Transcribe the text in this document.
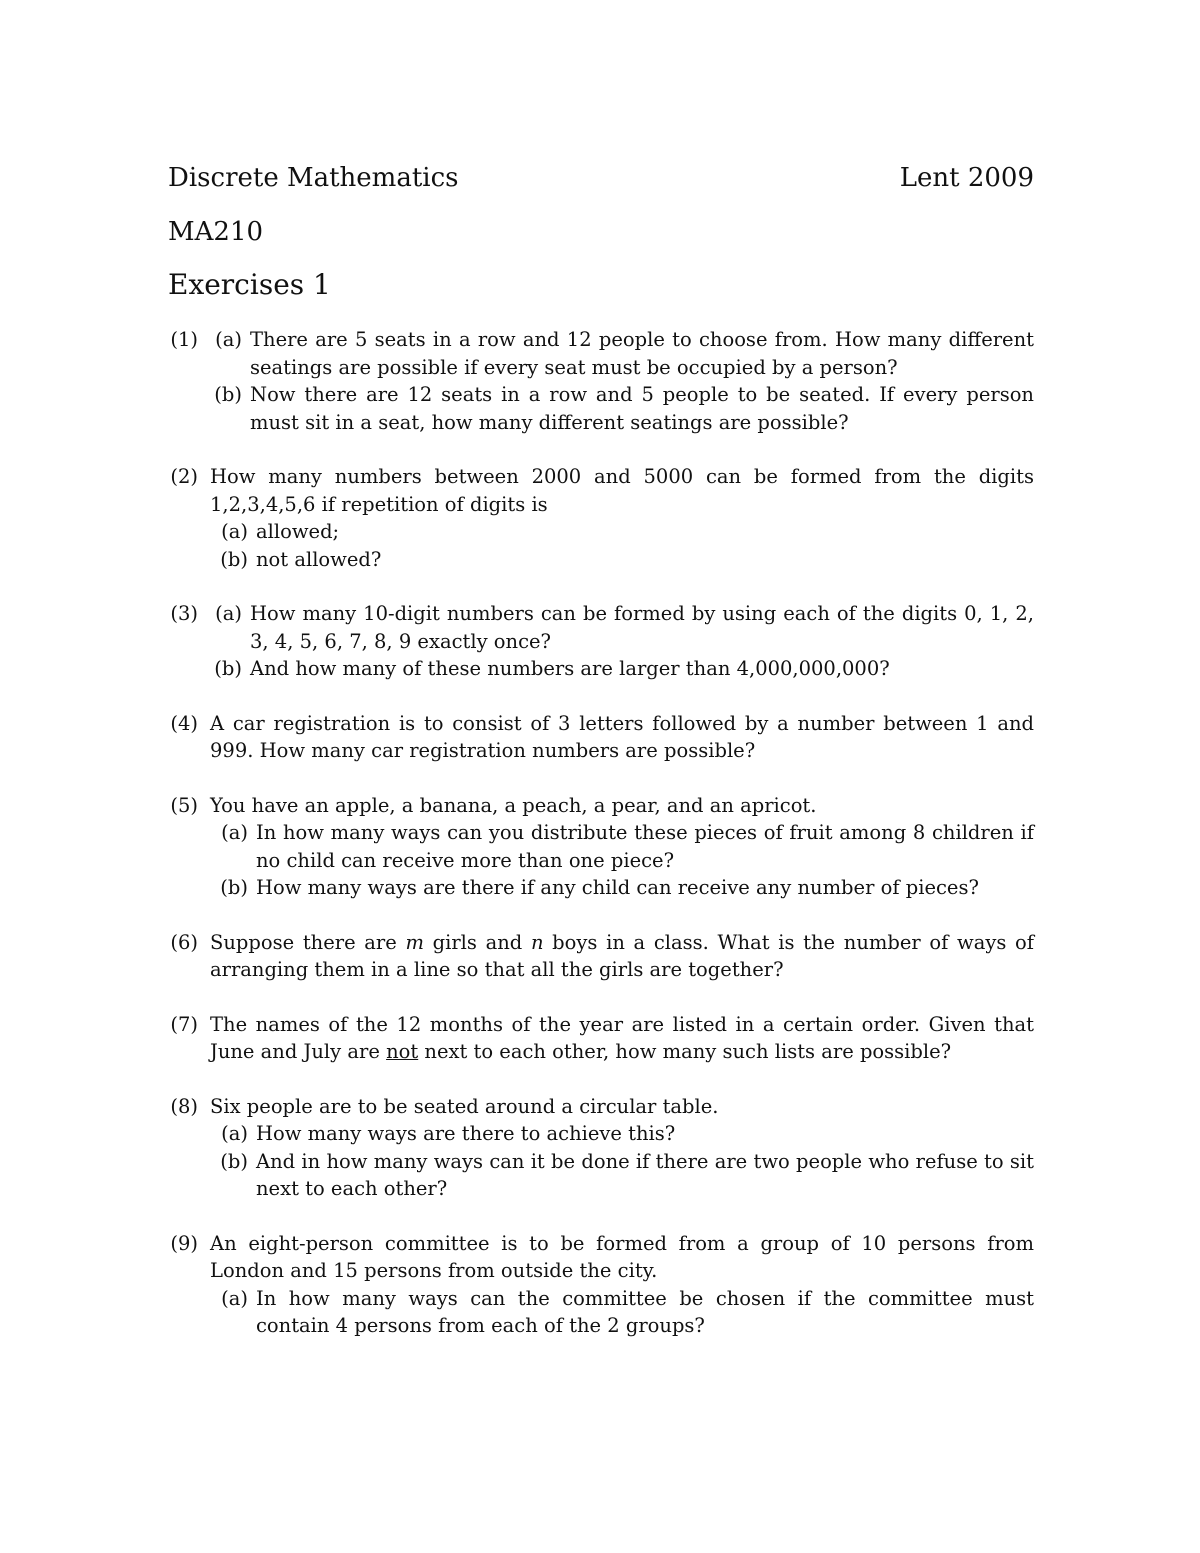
Discrete Mathematics	Lent 2009
MA210
Exercises 1
(1) (a) There are 5 seats in a row and 12 people to choose from. How many different seatings are possible if every seat must be occupied by a person?
(b) Now there are 12 seats in a row and 5 people to be seated. If every person must sit in a seat, how many different seatings are possible?
(2) How many numbers between 2000 and 5000 can be formed from the digits 1,2,3,4,5,6 if repetition of digits is
(a) allowed;
(b) not allowed?
(3) (a) How many 10-digit numbers can be formed by using each of the digits 0, 1, 2, 3, 4, 5, 6, 7, 8, 9 exactly once?
(b) And how many of these numbers are larger than 4,000,000,000?
(4) A car registration is to consist of 3 letters followed by a number between 1 and 999. How many car registration numbers are possible?
(5) You have an apple, a banana, a peach, a pear, and an apricot.
(a) In how many ways can you distribute these pieces of fruit among 8 children if no child can receive more than one piece?
(b) How many ways are there if any child can receive any number of pieces?
(6) Suppose there are m girls and n boys in a class. What is the number of ways of arranging them in a line so that all the girls are together?
(7) The names of the 12 months of the year are listed in a certain order. Given that June and July are not next to each other, how many such lists are possible?
(8) Six people are to be seated around a circular table.
(a) How many ways are there to achieve this?
(b) And in how many ways can it be done if there are two people who refuse to sit next to each other?
(9) An eight-person committee is to be formed from a group of 10 persons from London and 15 persons from outside the city.
(a) In how many ways can the committee be chosen if the committee must contain 4 persons from each of the 2 groups?
